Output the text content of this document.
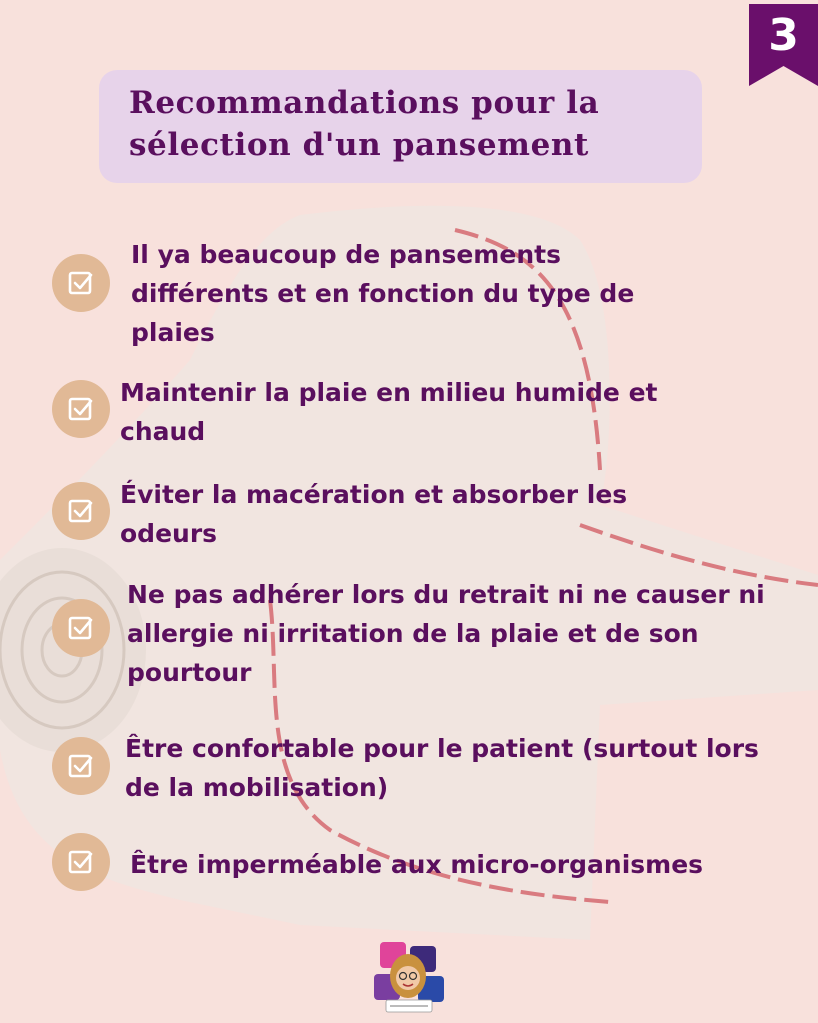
3
Recommandations pour la sélection d'un pansement

Il ya beaucoup de pansements différents et en fonction du type de plaies

Maintenir la plaie en milieu humide et chaud

Éviter la macération et absorber les odeurs

Ne pas adhérer lors du retrait ni ne causer ni allergie ni irritation de la plaie et de son pourtour

Être confortable pour le patient (surtout lors de la mobilisation)

Être imperméable aux micro-organismes
